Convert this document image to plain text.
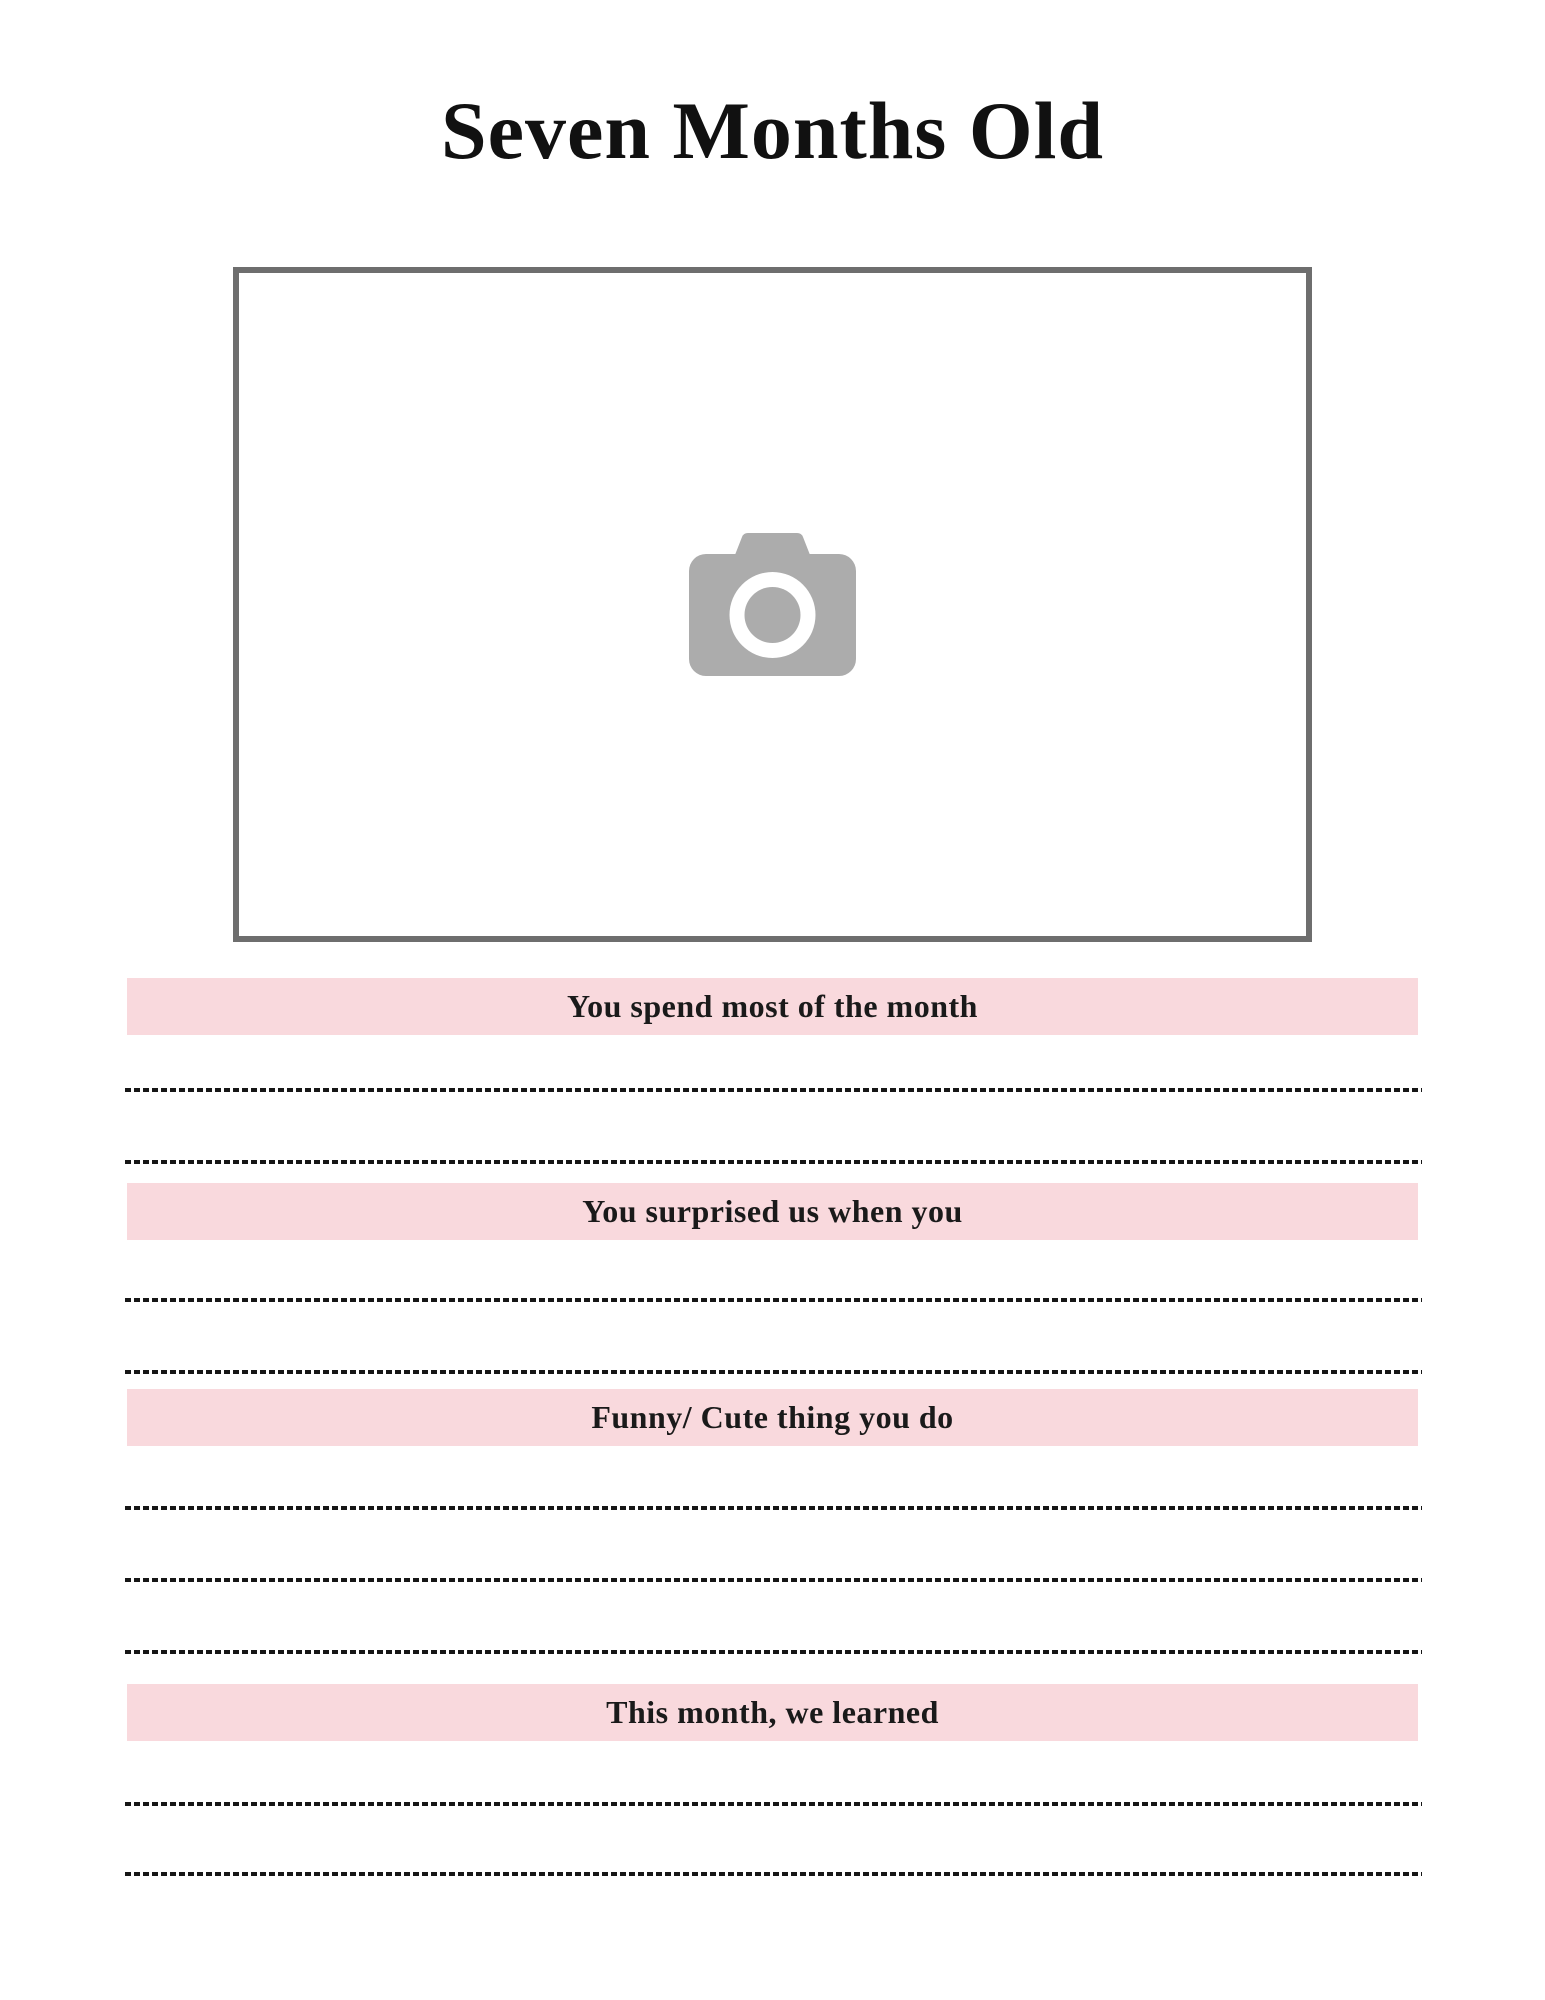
Seven Months Old
You spend most of the month
You surprised us when you
Funny/ Cute thing you do
This month, we learned
